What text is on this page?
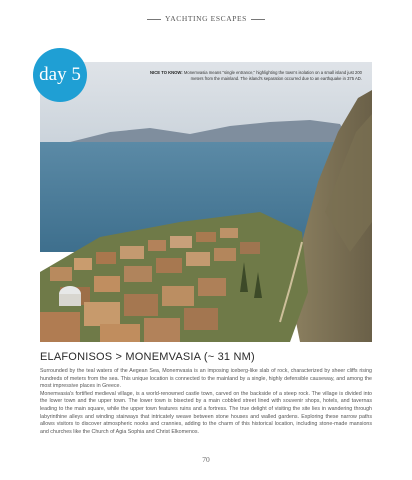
YACHTING ESCAPES
day 5	NICE TO KNOW: Monemvasia means "single entrance," highlighting the town's isolation on a small island just 200 meters from the mainland. The island's separation occurred due to an earthquake in 375 AD.
ELAFONISOS > MONEMVASIA (~ 31 NM)

Surrounded by the teal waters of the Aegean Sea, Monemvasia is an imposing iceberg-like slab of rock, characterized by sheer cliffs rising hundreds of meters from the sea. This unique location is connected to the mainland by a single, highly defensible causeway, and among the most impressive places in Greece.

Monemvasia's fortified medieval village, is a world-renowned castle town, carved on the backside of a steep rock. The village is divided into the lower town and the upper town. The lower town is bisected by a main cobbled street lined with souvenir shops, hotels, and tavernas leading to the main square, while the upper town features ruins and a fortress. The true delight of visiting the site lies in wandering through labyrinthine alleys and winding stairways that intricately weave between stone houses and walled gardens. Exploring these narrow paths allows visitors to discover atmospheric nooks and crannies, adding to the charm of this historical location, including stone-made mansions and churches like the Church of Agia Sophia and Christ Elkomenos.

70
